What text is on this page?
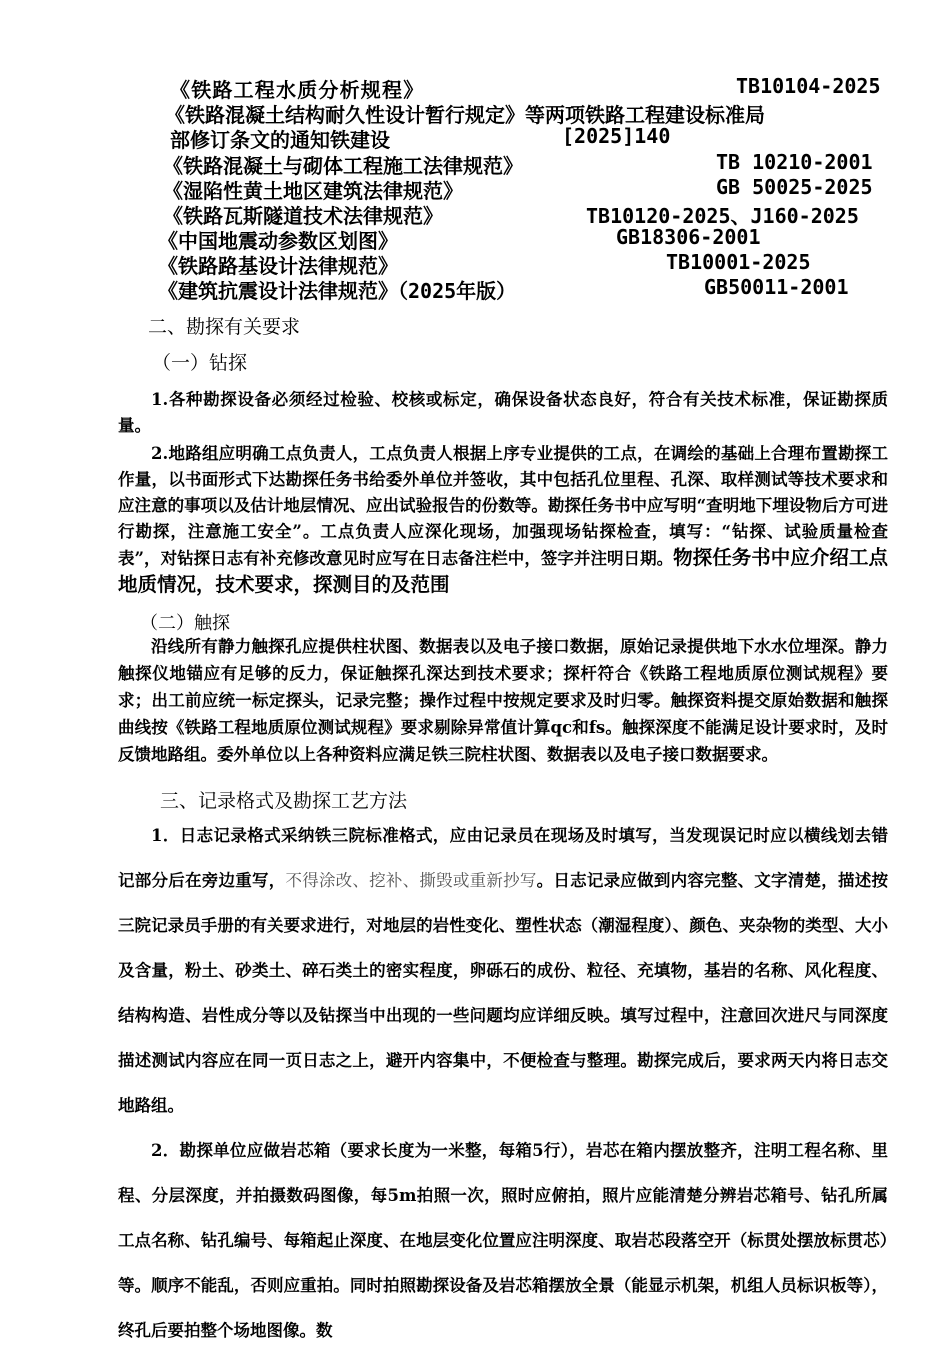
《铁路工程水质分析规程》	TB10104-2025
《铁路混凝土结构耐久性设计暂行规定》等两项铁路工程建设标准局
部修订条文的通知铁建设	[2025]140
《铁路混凝土与砌体工程施工法律规范》	TB 10210-2001
《湿陷性黄土地区建筑法律规范》	GB 50025-2025
《铁路瓦斯隧道技术法律规范》	TB10120-2025、J160-2025
《中国地震动参数区划图》	GB18306-2001
《铁路路基设计法律规范》	TB10001-2025
《建筑抗震设计法律规范》（2025年版）	GB50011-2001
二、勘探有关要求
（一）钻探

1.各种勘探设备必须经过检验、校核或标定，确保设备状态良好，符合有关技术标准，保证勘探质量。

2.地路组应明确工点负责人，工点负责人根据上序专业提供的工点，在调绘的基础上合理布置勘探工作量，以书面形式下达勘探任务书给委外单位并签收，其中包括孔位里程、孔深、取样测试等技术要求和应注意的事项以及估计地层情况、应出试验报告的份数等。勘探任务书中应写明“查明地下埋设物后方可进行勘探，注意施工安全”。工点负责人应深化现场，加强现场钻探检查，填写：“钻探、试验质量检查表”，对钻探日志有补充修改意见时应写在日志备注栏中，签字并注明日期。物探任务书中应介绍工点地质情况，技术要求，探测目的及范围

（二）触探

沿线所有静力触探孔应提供柱状图、数据表以及电子接口数据，原始记录提供地下水水位埋深。静力触探仪地锚应有足够的反力，保证触探孔深达到技术要求；探杆符合《铁路工程地质原位测试规程》要求；出工前应统一标定探头，记录完整；操作过程中按规定要求及时归零。触探资料提交原始数据和触探曲线按《铁路工程地质原位测试规程》要求剔除异常值计算qc和fs。触探深度不能满足设计要求时，及时反馈地路组。委外单位以上各种资料应满足铁三院柱状图、数据表以及电子接口数据要求。

三、记录格式及勘探工艺方法

1．日志记录格式采纳铁三院标准格式，应由记录员在现场及时填写，当发现误记时应以横线划去错记部分后在旁边重写，不得涂改、挖补、撕毁或重新抄写。日志记录应做到内容完整、文字清楚，描述按三院记录员手册的有关要求进行，对地层的岩性变化、塑性状态（潮湿程度）、颜色、夹杂物的类型、大小及含量，粉土、砂类土、碎石类土的密实程度，卵砾石的成份、粒径、充填物，基岩的名称、风化程度、结构构造、岩性成分等以及钻探当中出现的一些问题均应详细反映。填写过程中，注意回次进尺与同深度描述测试内容应在同一页日志之上，避开内容集中，不便检查与整理。勘探完成后，要求两天内将日志交地路组。

2．勘探单位应做岩芯箱（要求长度为一米整，每箱5行），岩芯在箱内摆放整齐，注明工程名称、里程、分层深度，并拍摄数码图像，每5m拍照一次，照时应俯拍，照片应能清楚分辨岩芯箱号、钻孔所属工点名称、钻孔编号、每箱起止深度、在地层变化位置应注明深度、取岩芯段落空开（标贯处摆放标贯芯）等。顺序不能乱，否则应重拍。同时拍照勘探设备及岩芯箱摆放全景（能显示机架，机组人员标识板等），终孔后要拍整个场地图像。数
